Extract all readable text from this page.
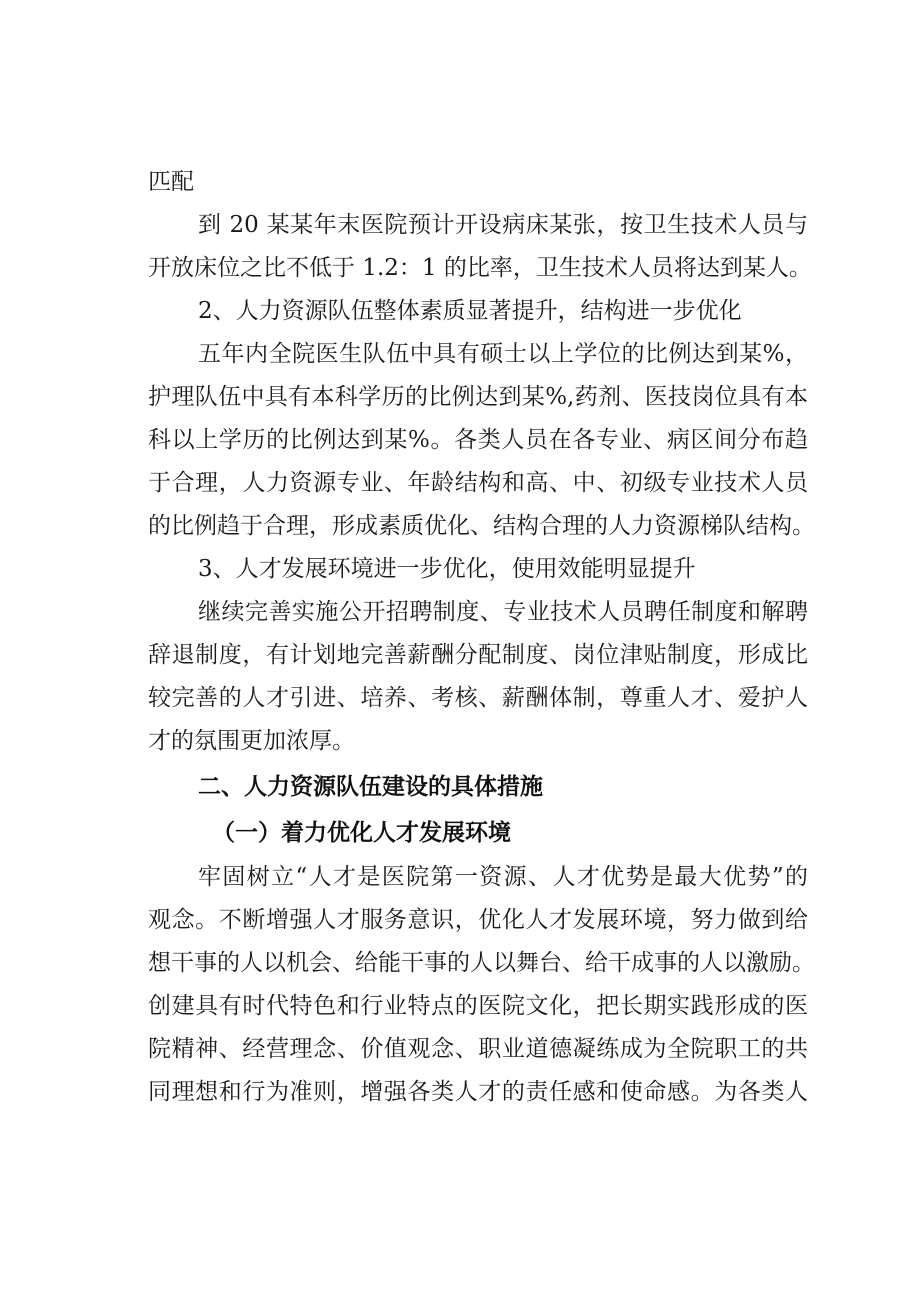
匹配
到 20 某某年末医院预计开设病床某张，按卫生技术人员与
开放床位之比不低于 1.2：1 的比率，卫生技术人员将达到某人。
2、人力资源队伍整体素质显著提升，结构进一步优化
五年内全院医生队伍中具有硕士以上学位的比例达到某%，
护理队伍中具有本科学历的比例达到某%,药剂、医技岗位具有本
科以上学历的比例达到某%。各类人员在各专业、病区间分布趋
于合理，人力资源专业、年龄结构和高、中、初级专业技术人员
的比例趋于合理，形成素质优化、结构合理的人力资源梯队结构。
3、人才发展环境进一步优化，使用效能明显提升
继续完善实施公开招聘制度、专业技术人员聘任制度和解聘
辞退制度，有计划地完善薪酬分配制度、岗位津贴制度，形成比
较完善的人才引进、培养、考核、薪酬体制，尊重人才、爱护人
才的氛围更加浓厚。
二、人力资源队伍建设的具体措施
（一）着力优化人才发展环境
牢固树立“人才是医院第一资源、人才优势是最大优势”的
观念。不断增强人才服务意识，优化人才发展环境，努力做到给
想干事的人以机会、给能干事的人以舞台、给干成事的人以激励。
创建具有时代特色和行业特点的医院文化，把长期实践形成的医
院精神、经营理念、价值观念、职业道德凝练成为全院职工的共
同理想和行为准则，增强各类人才的责任感和使命感。为各类人
